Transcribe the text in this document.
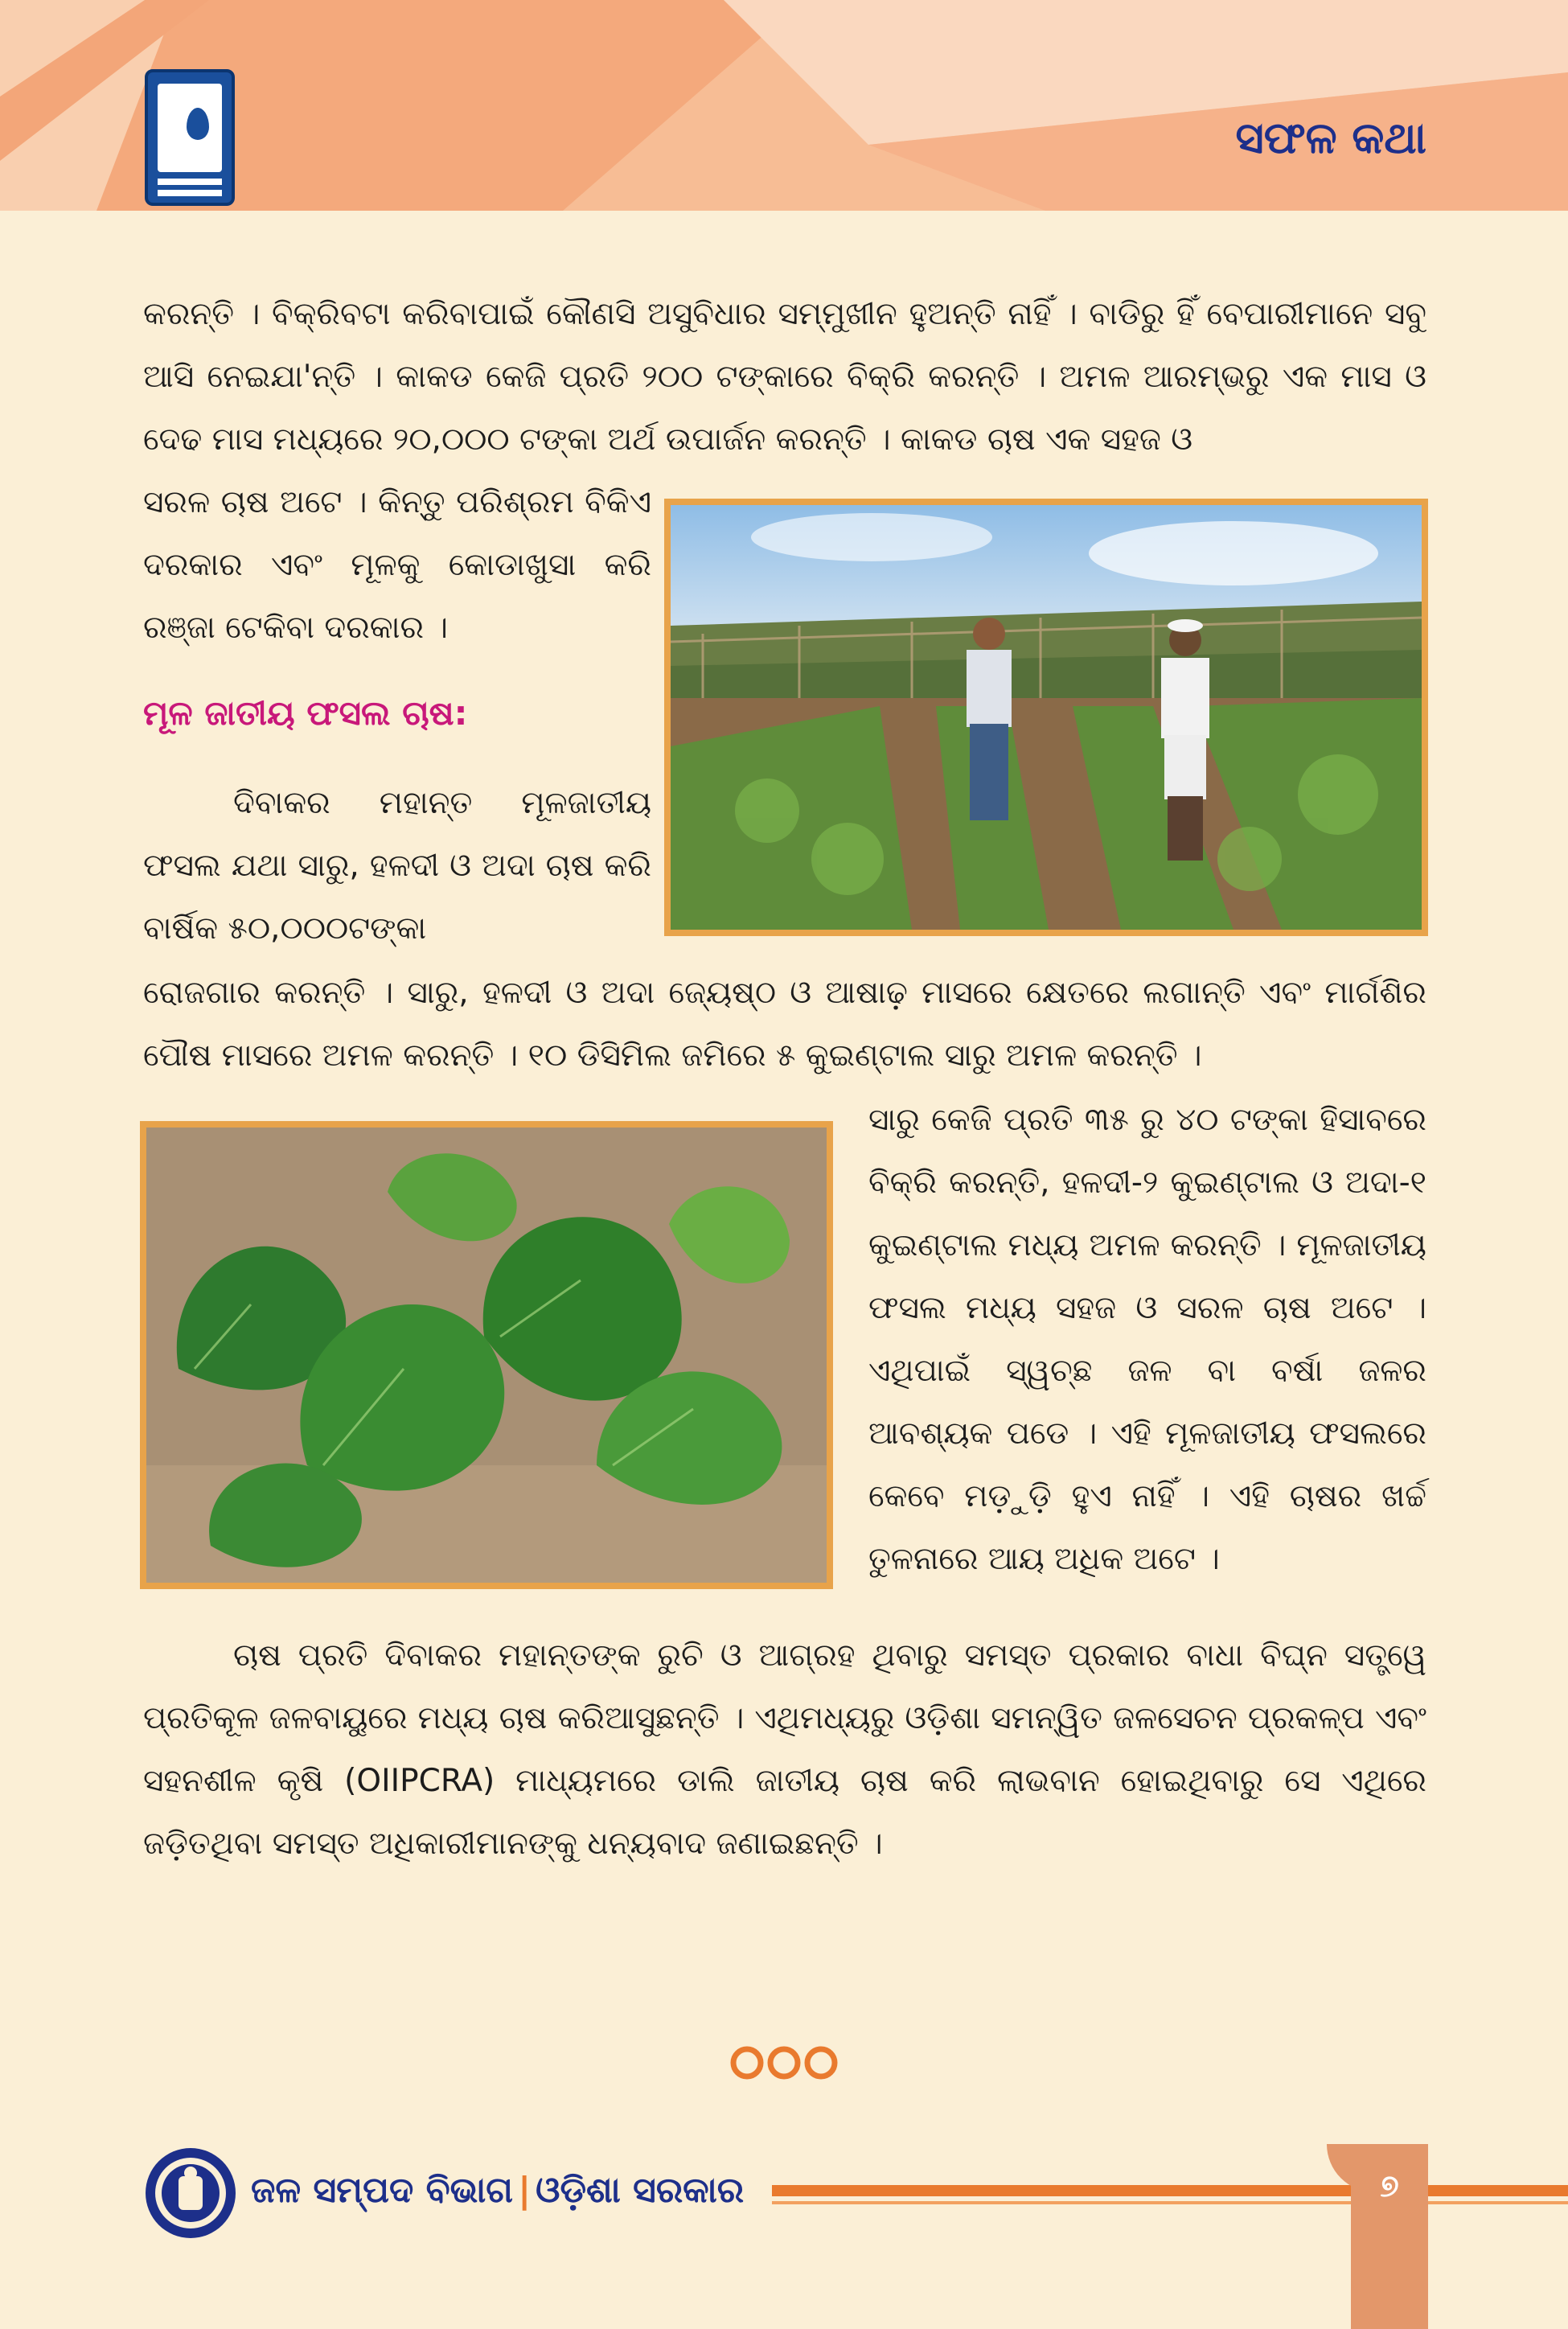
ସଫଳ କଥା

କରନ୍ତି । ବିକ୍ରିବଟା କରିବାପାଇଁ କୌଣସି ଅସୁବିଧାର ସମ୍ମୁଖୀନ ହୁଅନ୍ତି ନାହିଁ । ବାଡିରୁ ହିଁ ବେପାରୀମାନେ ସବୁ ଆସି ନେଇଯା'ନ୍ତି । କାକଡ କେଜି ପ୍ରତି ୨୦୦ ଟଙ୍କାରେ ବିକ୍ରି କରନ୍ତି । ଅମଳ ଆରମ୍ଭରୁ ଏକ ମାସ ଓ ଦେଢ ମାସ ମଧ୍ୟରେ ୨୦,୦୦୦ ଟଙ୍କା ଅର୍ଥ ଉପାର୍ଜନ କରନ୍ତି । କାକଡ ଚାଷ ଏକ ସହଜ ଓ

ସରଳ ଚାଷ ଅଟେ । କିନ୍ତୁ ପରିଶ୍ରମ ବିକିଏ ଦରକାର ଏବଂ ମୂଳକୁ କୋଡାଖୁସା କରି ରଞ୍ଜା ଟେକିବା ଦରକାର ।

ମୂଳ ଜାତୀୟ ଫସଲ ଚାଷ:

ଦିବାକର ମହାନ୍ତ ମୂଳଜାତୀୟ ଫସଲ ଯଥା ସାରୁ, ହଳଦୀ ଓ ଅଦା ଚାଷ କରି ବାର୍ଷିକ ୫୦,୦୦୦ଟଙ୍କା

ରୋଜଗାର କରନ୍ତି । ସାରୁ, ହଳଦୀ ଓ ଅଦା ଜ୍ୟେଷ୍ଠ ଓ ଆଷାଢ଼ ମାସରେ କ୍ଷେତରେ ଲଗାନ୍ତି ଏବଂ ମାର୍ଗଶିର ପୌଷ ମାସରେ ଅମଳ କରନ୍ତି । ୧୦ ଡିସିମିଲ ଜମିରେ ୫ କୁଇଣ୍ଟାଲ ସାରୁ ଅମଳ କରନ୍ତି ।

ସାରୁ କେଜି ପ୍ରତି ୩୫ ରୁ ୪୦ ଟଙ୍କା ହିସାବରେ ବିକ୍ରି କରନ୍ତି, ହଳଦୀ-୨ କୁଇଣ୍ଟାଲ ଓ ଅଦା-୧ କୁଇଣ୍ଟାଲ ମଧ୍ୟ ଅମଳ କରନ୍ତି । ମୂଳଜାତୀୟ ଫସଲ ମଧ୍ୟ ସହଜ ଓ ସରଳ ଚାଷ ଅଟେ । ଏଥିପାଇଁ ସ୍ୱଚ୍ଛ ଜଳ ବା ବର୍ଷା ଜଳର ଆବଶ୍ୟକ ପଡେ । ଏହି ମୂଳଜାତୀୟ ଫସଲରେ କେବେ ମଡ଼ୁଡ଼ି ହୁଏ ନାହିଁ । ଏହି ଚାଷର ଖର୍ଚ୍ଚ ତୁଳନାରେ ଆୟ ଅଧିକ ଅଟେ ।

ଚାଷ ପ୍ରତି ଦିବାକର ମହାନ୍ତଙ୍କ ରୁଚି ଓ ଆଗ୍ରହ ଥିବାରୁ ସମସ୍ତ ପ୍ରକାର ବାଧା ବିଘ୍ନ ସତ୍ତ୍ୱେ ପ୍ରତିକୂଳ ଜଳବାୟୁରେ ମଧ୍ୟ ଚାଷ କରିଆସୁଛନ୍ତି । ଏଥିମଧ୍ୟରୁ ଓଡ଼ିଶା ସମନ୍ୱିତ ଜଳସେଚନ ପ୍ରକଳ୍ପ ଏବଂ ସହନଶୀଳ କୃଷି (OIIPCRA) ମାଧ୍ୟମରେ ଡାଲି ଜାତୀୟ ଚାଷ କରି ଲାଭବାନ ହୋଇଥିବାରୁ ସେ ଏଥିରେ ଜଡ଼ିତଥିବା ସମସ୍ତ ଅଧିକାରୀମାନଙ୍କୁ ଧନ୍ୟବାଦ ଜଣାଇଛନ୍ତି ।

ଜଳ ସମ୍ପଦ ବିଭାଗ | ଓଡ଼ିଶା ସରକାର	୭
